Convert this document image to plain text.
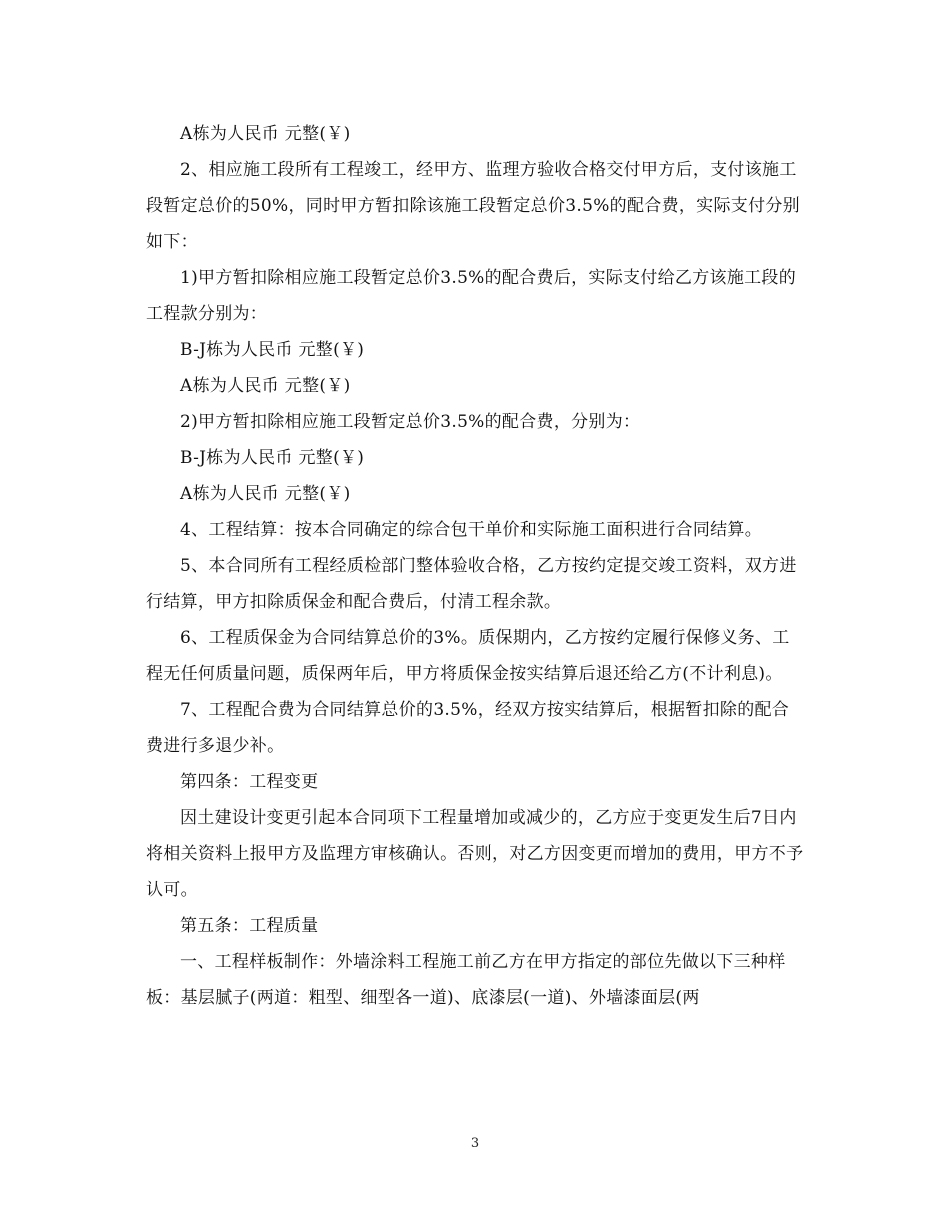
A栋为人民币 元整(￥)

2、相应施工段所有工程竣工，经甲方、监理方验收合格交付甲方后，支付该施工段暂定总价的50%，同时甲方暂扣除该施工段暂定总价3.5%的配合费，实际支付分别如下：

1)甲方暂扣除相应施工段暂定总价3.5%的配合费后，实际支付给乙方该施工段的工程款分别为：

B-J栋为人民币 元整(￥)

A栋为人民币 元整(￥)

2)甲方暂扣除相应施工段暂定总价3.5%的配合费，分别为：

B-J栋为人民币 元整(￥)

A栋为人民币 元整(￥)

4、工程结算：按本合同确定的综合包干单价和实际施工面积进行合同结算。

5、本合同所有工程经质检部门整体验收合格，乙方按约定提交竣工资料，双方进行结算，甲方扣除质保金和配合费后，付清工程余款。

6、工程质保金为合同结算总价的3%。质保期内，乙方按约定履行保修义务、工程无任何质量问题，质保两年后，甲方将质保金按实结算后退还给乙方(不计利息)。

7、工程配合费为合同结算总价的3.5%，经双方按实结算后，根据暂扣除的配合费进行多退少补。

第四条：工程变更

因土建设计变更引起本合同项下工程量增加或减少的，乙方应于变更发生后7日内将相关资料上报甲方及监理方审核确认。否则，对乙方因变更而增加的费用，甲方不予认可。

第五条：工程质量

一、工程样板制作：外墙涂料工程施工前乙方在甲方指定的部位先做以下三种样板：基层腻子(两道：粗型、细型各一道)、底漆层(一道)、外墙漆面层(两

3
